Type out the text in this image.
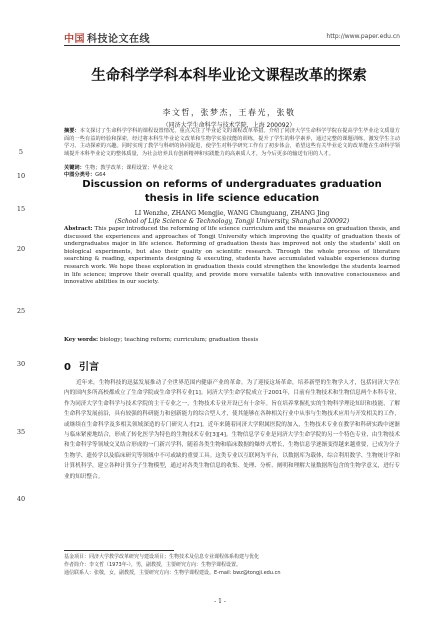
中国 科技论文在线	http://www.paper.edu.cn
5
10
15
20
25
30
35
40
生命科学学科本科毕业论文课程改革的探索
李文哲，张梦杰，王春光，张敬
（同济大学生命科学与技术学院，上海 200092）
摘要：本文探讨了生命科学学科的课程设置情况，重点关注了毕业论文的课程改革举措。介绍了同济大学生命科学学院在提高学生毕业论文质量方面的一些有益的经验和探索，经过将本科生毕业论文改革和生物学实验技能的训练，提升了学生的科学素养，通过完整的课题训练，激发学生主动学习、主动探索的兴趣。同时实现了教学与科研的协同促进，使学生对科学研究工作有了初步体会，希望这些有关毕业论文的改革能在生命科学领域提升本科毕业论文的整体质量，为社会培养具有创新精神和实践能力的高素质人才，为今后更多的输送有用的人才。
关键词：生物；教学改革；课程设置；毕业论文
中图分类号：G64
Discussion on reforms of undergraduates graduation thesis in life science education
LI Wenzhe, ZHANG Mengjie, WANG Chunguang, ZHANG Jing
(School of Life Science & Technology, Tongji University, Shanghai 200092)
Abstract: This paper introduced the reforming of life science curriculum and the measures on graduation thesis, and discussed the experiences and approaches of Tongji University which improving the quality of graduation thesis of undergraduates major in life science. Reforming of graduation thesis has improved not only the students' skill on biological experiments, but also their quality on scientific research. Through the whole process of literature searching & reading, experiments designing & executing, students have accumulated valuable experiences during research work. We hope these exploration in graduation thesis could strengthen the knowledge the students learned in life science; improve their overall quality, and provide more versatile talents with innovative consciousness and innovative abilities in our society.
Key words: biology; teaching reform; curriculum; graduation thesis
0 引言
近年来，生物科技的迅猛发展推动了全世界范围内健康产业的革命。为了迎接这场革命，培养新型的生物学人才，包括同济大学在内的国内多所高校都成立了生命学院或生命学科专业[1]。同济大学生命学院成立于2001年，目前有生物技术和生物信息两个本科专业，作为同济大学生命科学与技术学院的主干专业之一，生物技术专业开设已有十余年。旨在培养掌握扎实的生物科学理论知识和技能，了解生命科学发展前沿，具有较强的科研能力和创新能力的综合型人才，使其能够在各种相关行业中从事与生物技术应用与开发相关的工作，或继续在生命科学及多相关领域深造的专门研究人才[2]。近年来随着同济大学附属医院的加入，生物技术专业在教学和科研实践中逐渐与临床紧密地结合，形成了转化医学为特色的生物技术专业[3][4]。生物信息学专业是同济大学生命学院的另一个特色专业，由生物技术和生命科学等领域交叉结合形成的一门新兴学科，随着各类生物和临床数据的爆炸式增长，生物信息学逐渐变得越来越重要，已成为分子生物学、遗传学以及临床研究等领域中不可或缺的重要工具。这类专业以互联网为平台，以数据库为载体，综合利用数学、生物统计学和计算机科学，建立各种计算分子生物模型，通过对各类生物信息的收集、处理、分析、阐明和理解大量数据所包含的生物学意义，进行专业的知识整合。
基金项目：同济大学教学改革研究与建设项目；生物技术及信息专业课程体系构建与优化
作者简介：李文哲（1973年-），男，副教授，主要研究方向：生物学课程设置。
通信联系人：张敬，女，副教授，主要研究方向：生物学课程建设。E-mail: bwz@tongji.edu.cn
- 1 -
